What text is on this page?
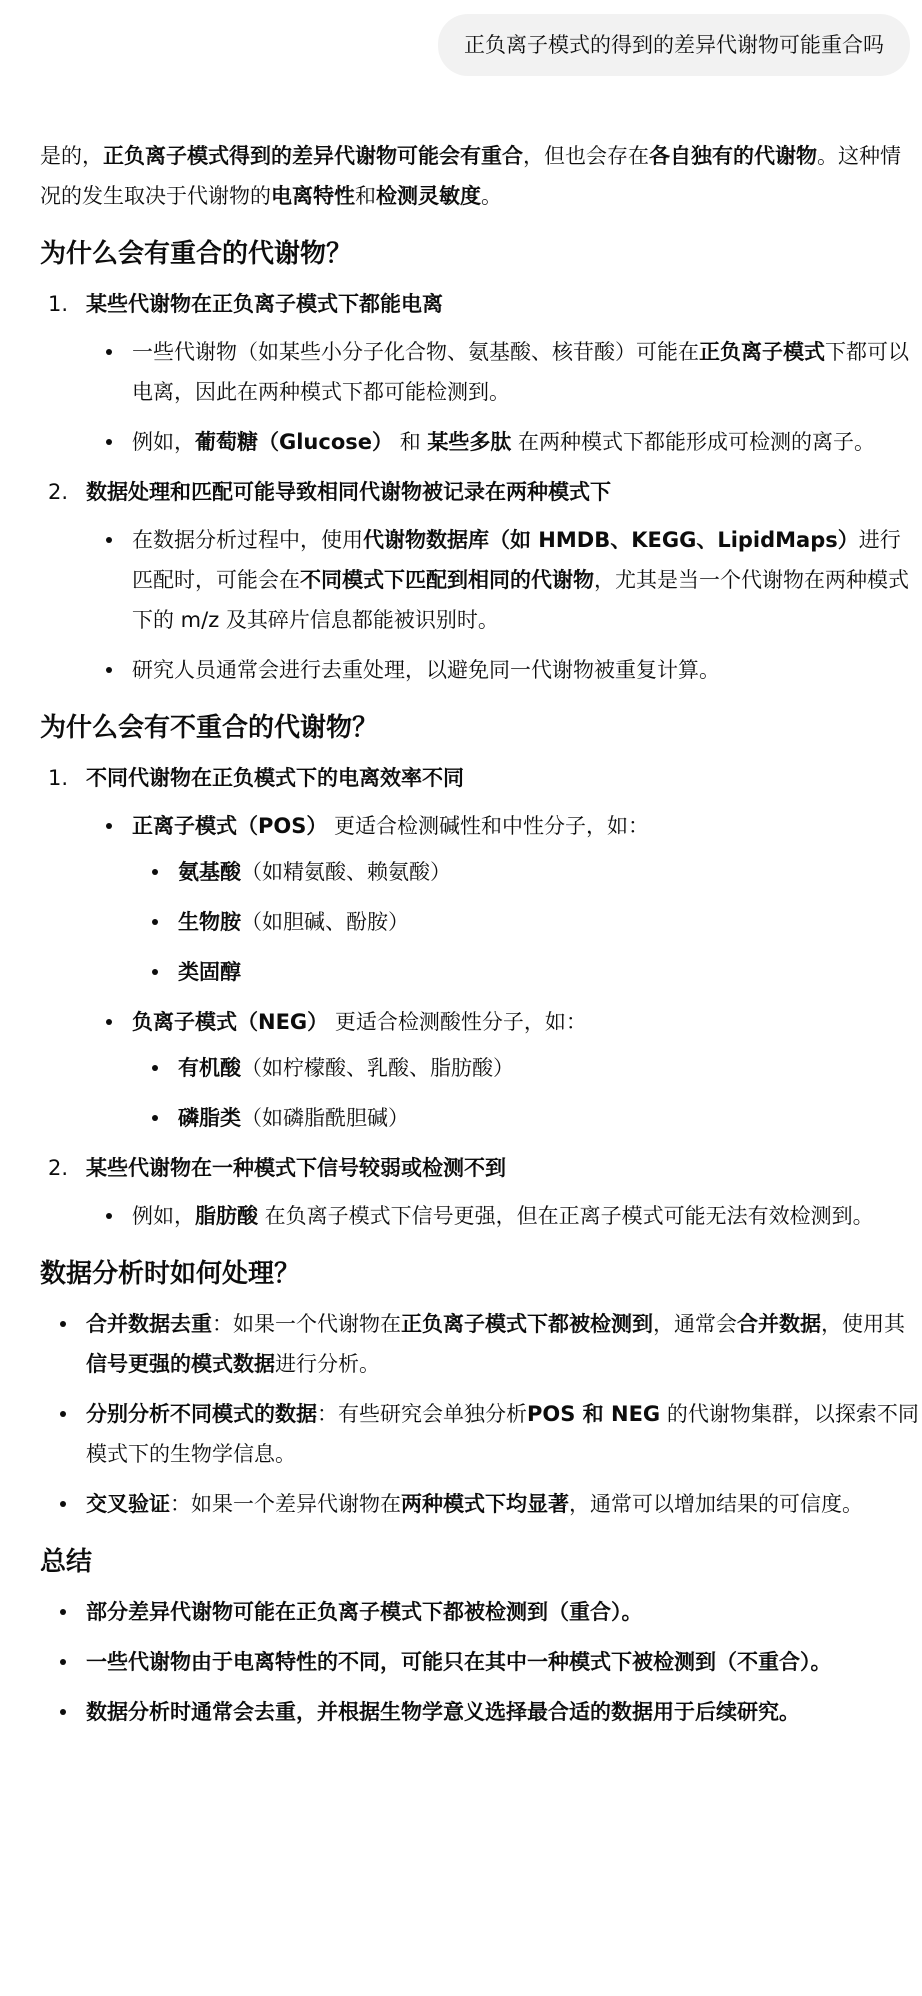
正负离子模式的得到的差异代谢物可能重合吗

是的，正负离子模式得到的差异代谢物可能会有重合，但也会存在各自独有的代谢物。这种情况的发生取决于代谢物的电离特性和检测灵敏度。

为什么会有重合的代谢物？
1. 某些代谢物在正负离子模式下都能电离
一些代谢物（如某些小分子化合物、氨基酸、核苷酸）可能在正负离子模式下都可以电离，因此在两种模式下都可能检测到。
例如，葡萄糖（Glucose） 和 某些多肽 在两种模式下都能形成可检测的离子。
2. 数据处理和匹配可能导致相同代谢物被记录在两种模式下
在数据分析过程中，使用代谢物数据库（如 HMDB、KEGG、LipidMaps）进行匹配时，可能会在不同模式下匹配到相同的代谢物，尤其是当一个代谢物在两种模式下的 m/z 及其碎片信息都能被识别时。
研究人员通常会进行去重处理，以避免同一代谢物被重复计算。
为什么会有不重合的代谢物？
1. 不同代谢物在正负模式下的电离效率不同
正离子模式（POS） 更适合检测碱性和中性分子，如：
氨基酸（如精氨酸、赖氨酸）
生物胺（如胆碱、酚胺）
类固醇
负离子模式（NEG） 更适合检测酸性分子，如：
有机酸（如柠檬酸、乳酸、脂肪酸）
磷脂类（如磷脂酰胆碱）
2. 某些代谢物在一种模式下信号较弱或检测不到
例如，脂肪酸 在负离子模式下信号更强，但在正离子模式可能无法有效检测到。
数据分析时如何处理？
合并数据去重：如果一个代谢物在正负离子模式下都被检测到，通常会合并数据，使用其信号更强的模式数据进行分析。
分别分析不同模式的数据：有些研究会单独分析POS 和 NEG 的代谢物集群，以探索不同模式下的生物学信息。
交叉验证：如果一个差异代谢物在两种模式下均显著，通常可以增加结果的可信度。
总结
部分差异代谢物可能在正负离子模式下都被检测到（重合）。
一些代谢物由于电离特性的不同，可能只在其中一种模式下被检测到（不重合）。
数据分析时通常会去重，并根据生物学意义选择最合适的数据用于后续研究。
